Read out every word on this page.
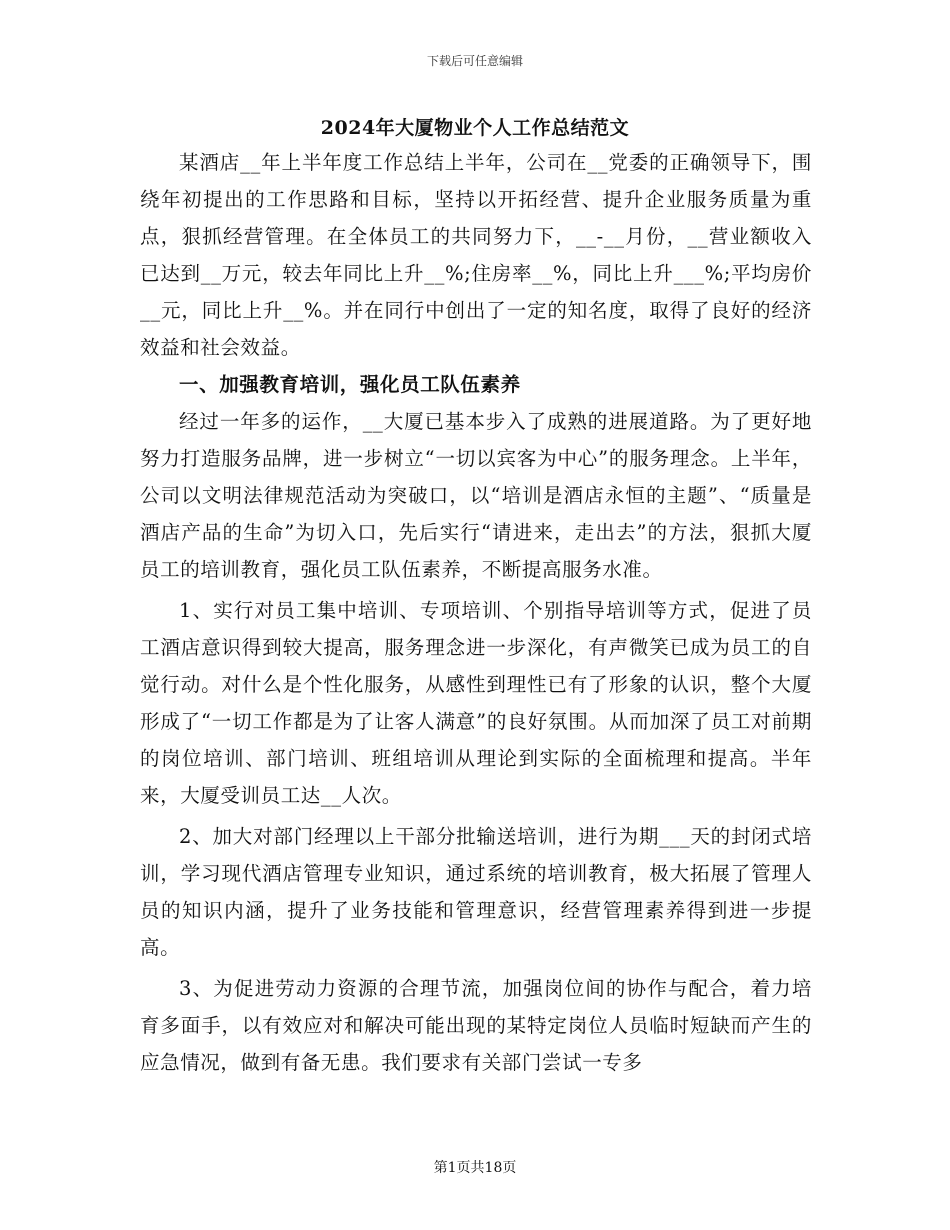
下载后可任意编辑
2024年大厦物业个人工作总结范文

某酒店__年上半年度工作总结上半年，公司在__党委的正确领导下，围绕年初提出的工作思路和目标，坚持以开拓经营、提升企业服务质量为重点，狠抓经营管理。在全体员工的共同努力下，__-__月份，__营业额收入已达到__万元，较去年同比上升__%;住房率__%，同比上升___%;平均房价__元，同比上升__%。并在同行中创出了一定的知名度，取得了良好的经济效益和社会效益。

一、加强教育培训，强化员工队伍素养

经过一年多的运作，__大厦已基本步入了成熟的进展道路。为了更好地努力打造服务品牌，进一步树立“一切以宾客为中心”的服务理念。上半年，公司以文明法律规范活动为突破口，以“培训是酒店永恒的主题”、“质量是酒店产品的生命”为切入口，先后实行“请进来，走出去”的方法，狠抓大厦员工的培训教育，强化员工队伍素养，不断提高服务水准。

1、实行对员工集中培训、专项培训、个别指导培训等方式，促进了员工酒店意识得到较大提高，服务理念进一步深化，有声微笑已成为员工的自觉行动。对什么是个性化服务，从感性到理性已有了形象的认识，整个大厦形成了“一切工作都是为了让客人满意”的良好氛围。从而加深了员工对前期的岗位培训、部门培训、班组培训从理论到实际的全面梳理和提高。半年来，大厦受训员工达__人次。

2、加大对部门经理以上干部分批输送培训，进行为期___天的封闭式培训，学习现代酒店管理专业知识，通过系统的培训教育，极大拓展了管理人员的知识内涵，提升了业务技能和管理意识，经营管理素养得到进一步提高。

3、为促进劳动力资源的合理节流，加强岗位间的协作与配合，着力培育多面手，以有效应对和解决可能出现的某特定岗位人员临时短缺而产生的应急情况，做到有备无患。我们要求有关部门尝试一专多

第1页共18页
